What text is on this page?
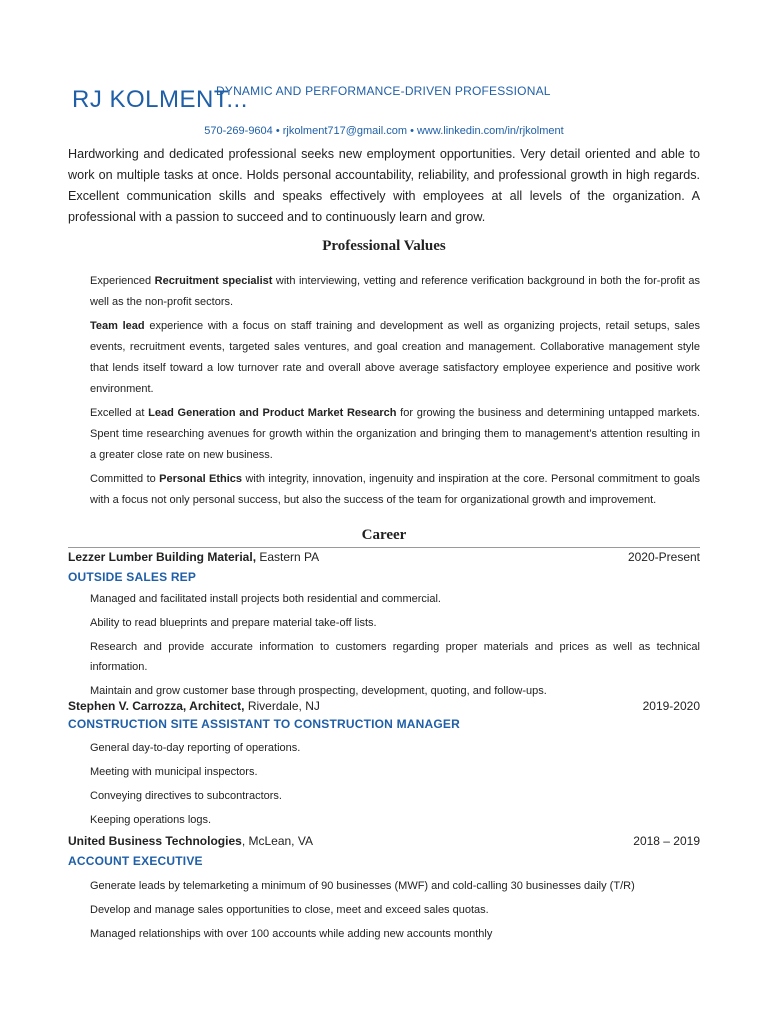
RJ KOLMENT...
DYNAMIC AND PERFORMANCE-DRIVEN PROFESSIONAL
570-269-9604 • rjkolment717@gmail.com • www.linkedin.com/in/rjkolment
Hardworking and dedicated professional seeks new employment opportunities. Very detail oriented and able to work on multiple tasks at once. Holds personal accountability, reliability, and professional growth in high regards. Excellent communication skills and speaks effectively with employees at all levels of the organization. A professional with a passion to succeed and to continuously learn and grow.
Professional Values
Experienced Recruitment specialist with interviewing, vetting and reference verification background in both the for-profit as well as the non-profit sectors.
Team lead experience with a focus on staff training and development as well as organizing projects, retail setups, sales events, recruitment events, targeted sales ventures, and goal creation and management. Collaborative management style that lends itself toward a low turnover rate and overall above average satisfactory employee experience and positive work environment.
Excelled at Lead Generation and Product Market Research for growing the business and determining untapped markets. Spent time researching avenues for growth within the organization and bringing them to management’s attention resulting in a greater close rate on new business.
Committed to Personal Ethics with integrity, innovation, ingenuity and inspiration at the core. Personal commitment to goals with a focus not only personal success, but also the success of the team for organizational growth and improvement.
Career
Lezzer Lumber Building Material, Eastern PA	2020-Present
OUTSIDE SALES REP
Managed and facilitated install projects both residential and commercial.
Ability to read blueprints and prepare material take-off lists.
Research and provide accurate information to customers regarding proper materials and prices as well as technical information.
Maintain and grow customer base through prospecting, development, quoting, and follow-ups.
Stephen V. Carrozza, Architect, Riverdale, NJ	2019-2020
CONSTRUCTION SITE ASSISTANT TO CONSTRUCTION MANAGER
General day-to-day reporting of operations.
Meeting with municipal inspectors.
Conveying directives to subcontractors.
Keeping operations logs.
United Business Technologies, McLean, VA	2018 – 2019
ACCOUNT EXECUTIVE
Generate leads by telemarketing a minimum of 90 businesses (MWF) and cold-calling 30 businesses daily (T/R)
Develop and manage sales opportunities to close, meet and exceed sales quotas.
Managed relationships with over 100 accounts while adding new accounts monthly
